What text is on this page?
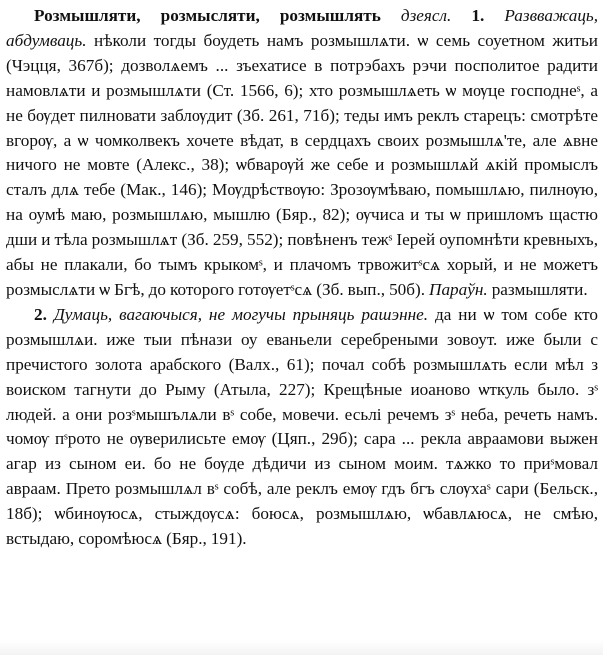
Розмышляти, розмысляти, розмышлять дзеясл. 1. Развважаць, абдумваць. нѣколи тогды боудеть намъ розмышлѧти. ѡ семь соуетном житьи (Чэцця, 367б); дозволѧемъ ... зъехатисе в потрэбахъ рэчи посполитое радити намовлѧти и розмышлѧти (Ст. 1566, 6); хто розмышлѧеть ѡ мѹце господнеˢ, а не бѹдет пилновати заблѹдит (Зб. 261, 71б); теды имъ реклъ старецъ: смотрѣте вгорѹ, а ѡ чомколвекъ хочете вѣдат, в сердцахъ своих розмышлѧ'те, але ѧвне ничого не мовте (Алекс., 38); ѡбварѹй же себе и розмышлѧй ѧкій промыслъ сталъ длѧ тебе (Мак., 146); Мѹдрѣствѹю: Зрозѹмѣваю, помышлѧю, пилнѹю, на оумѣ маю, розмышлѧю, мышлю (Бяр., 82); ѹчиса и ты ѡ пришломъ щастю дши и тѣла розмышлѧт (Зб. 259, 552); повѣненъ тежˢ Іерей оупомнѣти кревныхъ, абы не плакали, бо тымъ крыкомˢ, и плачомъ трвожитˢсѧ хорый, и не можетъ розмыслѧти ѡ Бгѣ, до которого готѹетˢсѧ (Зб. вып., 50б). Параўн. размышляти.

2. Думаць, вагаючыся, не могучы прыняць рашэнне. да ни ѡ том собе кто розмышлѧи. иже тыи пѣнази оу еваньели серебреными зовоут. иже были с пречистого золота арабского (Валх., 61); почал собѣ розмышлѧть если мѣл з воиском тагнути до Рыму (Атыла, 227); Крещѣные иоаново ѡткуль было. зˢ людей. а они розˢмышълѧли вˢ собе, мовечи. есьлі речемъ зˢ неба, речеть намъ. чомѹ пˢрото не ѹверилисьте емѹ (Цяп., 29б); сара ... рекла авраамови выжен агар из сыном еи. бо не бѹде дѣдичи из сыном моим. тѧжко то приˢмовал авраам. Прето розмышлѧл вˢ собѣ, але реклъ емѹ гдъ бгъ слѹхаˢ сари (Бельск., 18б); ѡбинѹюсѧ, стыждѹсѧ: боюсѧ, розмышлѧю, ѡбавлѧюсѧ, не смѣю, встыдаю, соромѣюсѧ (Бяр., 191).
